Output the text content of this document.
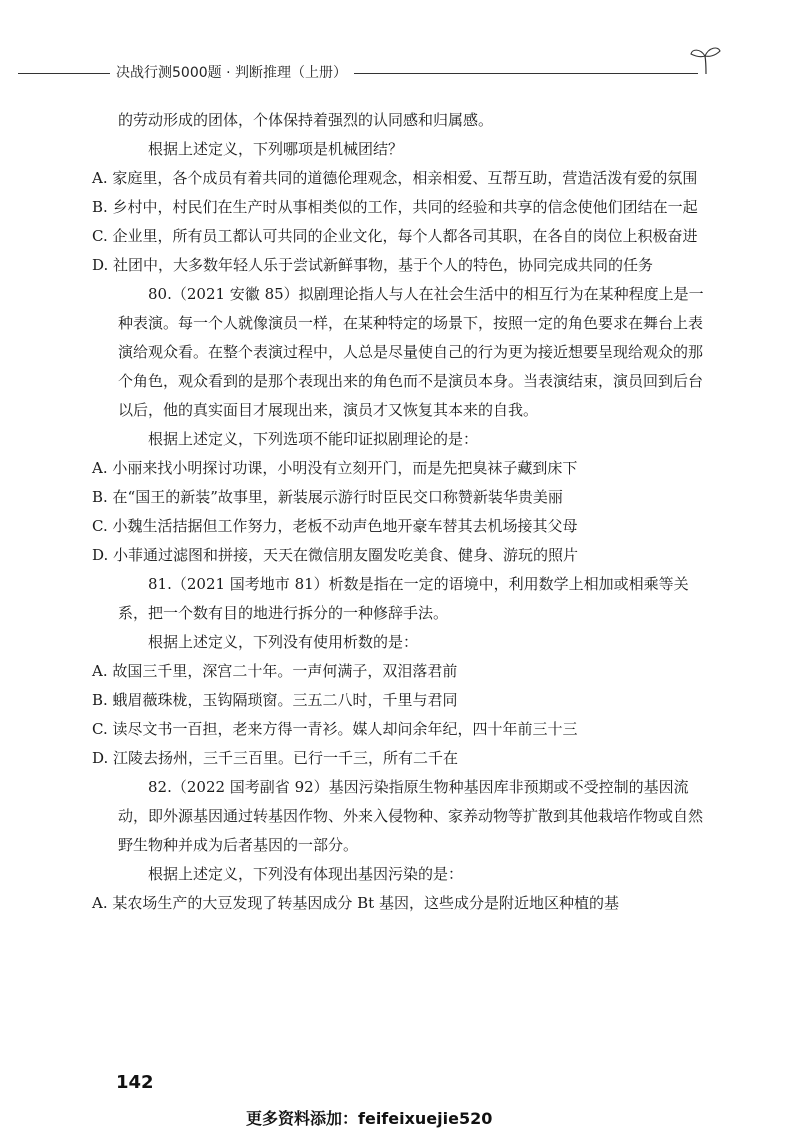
决战行测5000题 · 判断推理（上册）

的劳动形成的团体，个体保持着强烈的认同感和归属感。

根据上述定义，下列哪项是机械团结？

A. 家庭里，各个成员有着共同的道德伦理观念，相亲相爱、互帮互助，营造活泼有爱的氛围

B. 乡村中，村民们在生产时从事相类似的工作，共同的经验和共享的信念使他们团结在一起

C. 企业里，所有员工都认可共同的企业文化，每个人都各司其职，在各自的岗位上积极奋进

D. 社团中，大多数年轻人乐于尝试新鲜事物，基于个人的特色，协同完成共同的任务

80.（2021 安徽 85）拟剧理论指人与人在社会生活中的相互行为在某种程度上是一种表演。每一个人就像演员一样，在某种特定的场景下，按照一定的角色要求在舞台上表演给观众看。在整个表演过程中，人总是尽量使自己的行为更为接近想要呈现给观众的那个角色，观众看到的是那个表现出来的角色而不是演员本身。当表演结束，演员回到后台以后，他的真实面目才展现出来，演员才又恢复其本来的自我。

根据上述定义，下列选项不能印证拟剧理论的是：

A. 小丽来找小明探讨功课，小明没有立刻开门，而是先把臭袜子藏到床下

B. 在“国王的新装”故事里，新装展示游行时臣民交口称赞新装华贵美丽

C. 小魏生活拮据但工作努力，老板不动声色地开豪车替其去机场接其父母

D. 小菲通过滤图和拼接，天天在微信朋友圈发吃美食、健身、游玩的照片

81.（2021 国考地市 81）析数是指在一定的语境中，利用数学上相加或相乘等关系，把一个数有目的地进行拆分的一种修辞手法。

根据上述定义，下列没有使用析数的是：

A. 故国三千里，深宫二十年。一声何满子，双泪落君前

B. 蛾眉薇珠栊，玉钩隔琐窗。三五二八时，千里与君同

C. 读尽文书一百担，老来方得一青衫。媒人却问余年纪，四十年前三十三

D. 江陵去扬州，三千三百里。已行一千三，所有二千在

82.（2022 国考副省 92）基因污染指原生物种基因库非预期或不受控制的基因流动，即外源基因通过转基因作物、外来入侵物种、家养动物等扩散到其他栽培作物或自然野生物种并成为后者基因的一部分。

根据上述定义，下列没有体现出基因污染的是：

A. 某农场生产的大豆发现了转基因成分 Bt 基因，这些成分是附近地区种植的基

142
更多资料添加：feifeixuejie520
